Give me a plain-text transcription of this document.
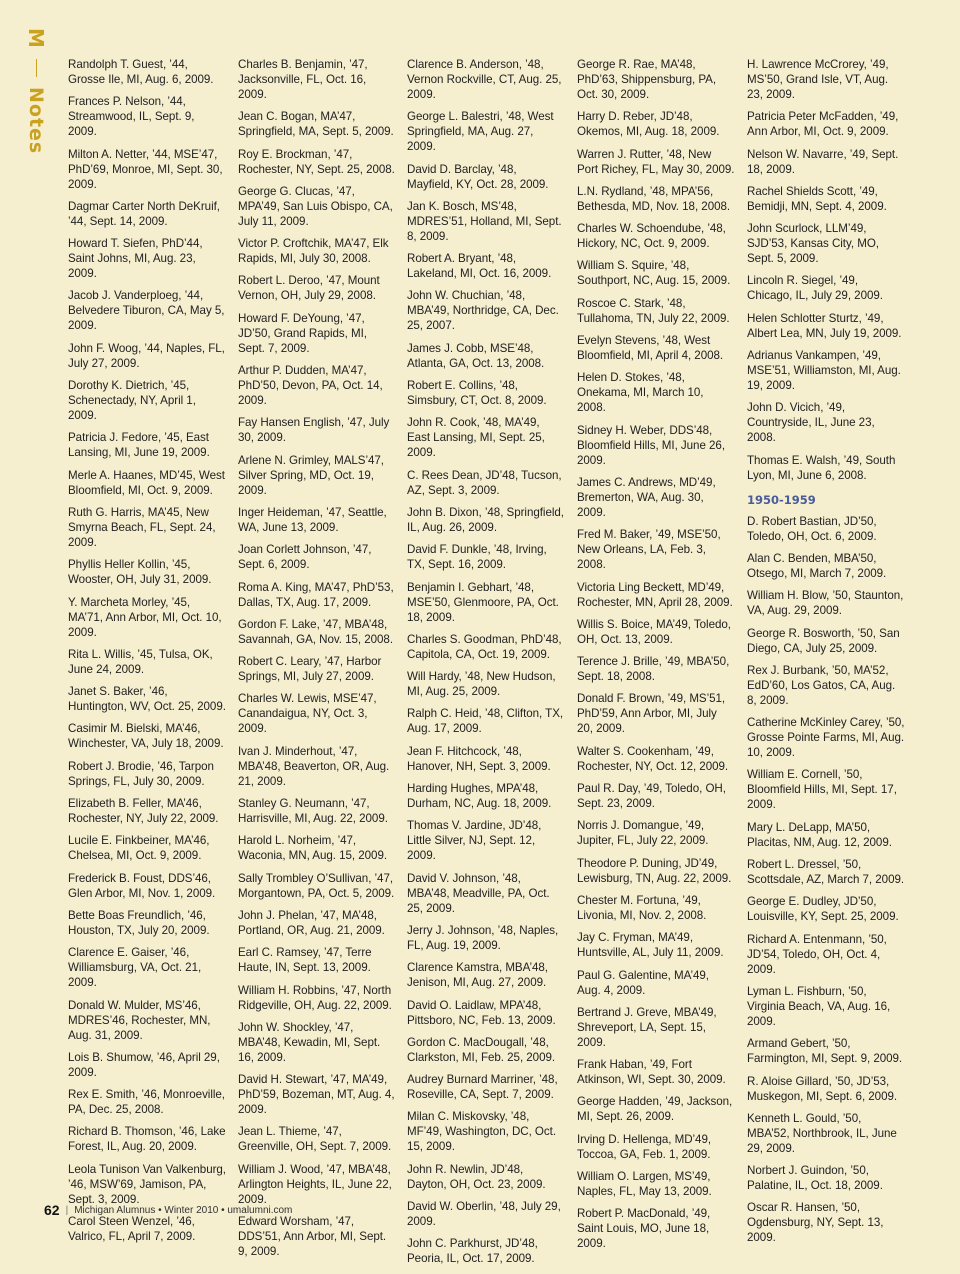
M
Notes

Randolph T. Guest, ’44, Grosse Ile, MI, Aug. 6, 2009.

Frances P. Nelson, ’44, Streamwood, IL, Sept. 9, 2009.

Milton A. Netter, ’44, MSE’47, PhD’69, Monroe, MI, Sept. 30, 2009.

Dagmar Carter North DeKruif, ’44, Sept. 14, 2009.

Howard T. Siefen, PhD’44, Saint Johns, MI, Aug. 23, 2009.

Jacob J. Vanderploeg, ’44, Belvedere Tiburon, CA, May 5, 2009.

John F. Woog, ’44, Naples, FL, July 27, 2009.

Dorothy K. Dietrich, ’45, Schenectady, NY, April 1, 2009.

Patricia J. Fedore, ’45, East Lansing, MI, June 19, 2009.

Merle A. Haanes, MD’45, West Bloomfield, MI, Oct. 9, 2009.

Ruth G. Harris, MA’45, New Smyrna Beach, FL, Sept. 24, 2009.

Phyllis Heller Kollin, ’45, Wooster, OH, July 31, 2009.

Y. Marcheta Morley, ’45, MA’71, Ann Arbor, MI, Oct. 10, 2009.

Rita L. Willis, ’45, Tulsa, OK, June 24, 2009.

Janet S. Baker, ’46, Huntington, WV, Oct. 25, 2009.

Casimir M. Bielski, MA’46, Winchester, VA, July 18, 2009.

Robert J. Brodie, ’46, Tarpon Springs, FL, July 30, 2009.

Elizabeth B. Feller, MA’46, Rochester, NY, July 22, 2009.

Lucile E. Finkbeiner, MA’46, Chelsea, MI, Oct. 9, 2009.

Frederick B. Foust, DDS’46, Glen Arbor, MI, Nov. 1, 2009.

Bette Boas Freundlich, ’46, Houston, TX, July 20, 2009.

Clarence E. Gaiser, ’46, Williamsburg, VA, Oct. 21, 2009.

Donald W. Mulder, MS’46, MDRES’46, Rochester, MN, Aug. 31, 2009.

Lois B. Shumow, ’46, April 29, 2009.

Rex E. Smith, ’46, Monroeville, PA, Dec. 25, 2008.

Richard B. Thomson, ’46, Lake Forest, IL, Aug. 20, 2009.

Leola Tunison Van Valkenburg, ’46, MSW’69, Jamison, PA, Sept. 3, 2009.

Carol Steen Wenzel, ’46, Valrico, FL, April 7, 2009.

Charles B. Benjamin, ’47, Jacksonville, FL, Oct. 16, 2009.

Jean C. Bogan, MA’47, Springfield, MA, Sept. 5, 2009.

Roy E. Brockman, ’47, Rochester, NY, Sept. 25, 2008.

George G. Clucas, ’47, MPA’49, San Luis Obispo, CA, July 11, 2009.

Victor P. Croftchik, MA’47, Elk Rapids, MI, July 30, 2008.

Robert L. Deroo, ’47, Mount Vernon, OH, July 29, 2008.

Howard F. DeYoung, ’47, JD’50, Grand Rapids, MI, Sept. 7, 2009.

Arthur P. Dudden, MA’47, PhD’50, Devon, PA, Oct. 14, 2009.

Fay Hansen English, ’47, July 30, 2009.

Arlene N. Grimley, MALS’47, Silver Spring, MD, Oct. 19, 2009.

Inger Heideman, ’47, Seattle, WA, June 13, 2009.

Joan Corlett Johnson, ’47, Sept. 6, 2009.

Roma A. King, MA’47, PhD’53, Dallas, TX, Aug. 17, 2009.

Gordon F. Lake, ’47, MBA’48, Savannah, GA, Nov. 15, 2008.

Robert C. Leary, ’47, Harbor Springs, MI, July 27, 2009.

Charles W. Lewis, MSE’47, Canandaigua, NY, Oct. 3, 2009.

Ivan J. Minderhout, ’47, MBA’48, Beaverton, OR, Aug. 21, 2009.

Stanley G. Neumann, ’47, Harrisville, MI, Aug. 22, 2009.

Harold L. Norheim, ’47, Waconia, MN, Aug. 15, 2009.

Sally Trombley O’Sullivan, ’47, Morgantown, PA, Oct. 5, 2009.

John J. Phelan, ’47, MA’48, Portland, OR, Aug. 21, 2009.

Earl C. Ramsey, ’47, Terre Haute, IN, Sept. 13, 2009.

William H. Robbins, ’47, North Ridgeville, OH, Aug. 22, 2009.

John W. Shockley, ’47, MBA’48, Kewadin, MI, Sept. 16, 2009.

David H. Stewart, ’47, MA’49, PhD’59, Bozeman, MT, Aug. 4, 2009.

Jean L. Thieme, ’47, Greenville, OH, Sept. 7, 2009.

William J. Wood, ’47, MBA’48, Arlington Heights, IL, June 22, 2009.

Edward Worsham, ’47, DDS’51, Ann Arbor, MI, Sept. 9, 2009.

Clarence B. Anderson, ’48, Vernon Rockville, CT, Aug. 25, 2009.

George L. Balestri, ’48, West Springfield, MA, Aug. 27, 2009.

David D. Barclay, ’48, Mayfield, KY, Oct. 28, 2009.

Jan K. Bosch, MS’48, MDRES’51, Holland, MI, Sept. 8, 2009.

Robert A. Bryant, ’48, Lakeland, MI, Oct. 16, 2009.

John W. Chuchian, ’48, MBA’49, Northridge, CA, Dec. 25, 2007.

James J. Cobb, MSE’48, Atlanta, GA, Oct. 13, 2008.

Robert E. Collins, ’48, Simsbury, CT, Oct. 8, 2009.

John R. Cook, ’48, MA’49, East Lansing, MI, Sept. 25, 2009.

C. Rees Dean, JD’48, Tucson, AZ, Sept. 3, 2009.

John B. Dixon, ’48, Springfield, IL, Aug. 26, 2009.

David F. Dunkle, ’48, Irving, TX, Sept. 16, 2009.

Benjamin I. Gebhart, ’48, MSE’50, Glenmoore, PA, Oct. 18, 2009.

Charles S. Goodman, PhD’48, Capitola, CA, Oct. 19, 2009.

Will Hardy, ’48, New Hudson, MI, Aug. 25, 2009.

Ralph C. Heid, ’48, Clifton, TX, Aug. 17, 2009.

Jean F. Hitchcock, ’48, Hanover, NH, Sept. 3, 2009.

Harding Hughes, MPA’48, Durham, NC, Aug. 18, 2009.

Thomas V. Jardine, JD’48, Little Silver, NJ, Sept. 12, 2009.

David V. Johnson, ’48, MBA’48, Meadville, PA, Oct. 25, 2009.

Jerry J. Johnson, ’48, Naples, FL, Aug. 19, 2009.

Clarence Kamstra, MBA’48, Jenison, MI, Aug. 27, 2009.

David O. Laidlaw, MPA’48, Pittsboro, NC, Feb. 13, 2009.

Gordon C. MacDougall, ’48, Clarkston, MI, Feb. 25, 2009.

Audrey Burnard Marriner, ’48, Roseville, CA, Sept. 7, 2009.

Milan C. Miskovsky, ’48, MF’49, Washington, DC, Oct. 15, 2009.

John R. Newlin, JD’48, Dayton, OH, Oct. 23, 2009.

David W. Oberlin, ’48, July 29, 2009.

John C. Parkhurst, JD’48, Peoria, IL, Oct. 17, 2009.

George R. Rae, MA’48, PhD’63, Shippensburg, PA, Oct. 30, 2009.

Harry D. Reber, JD’48, Okemos, MI, Aug. 18, 2009.

Warren J. Rutter, ’48, New Port Richey, FL, May 30, 2009.

L.N. Rydland, ’48, MPA’56, Bethesda, MD, Nov. 18, 2008.

Charles W. Schoendube, ’48, Hickory, NC, Oct. 9, 2009.

William S. Squire, ’48, Southport, NC, Aug. 15, 2009.

Roscoe C. Stark, ’48, Tullahoma, TN, July 22, 2009.

Evelyn Stevens, ’48, West Bloomfield, MI, April 4, 2008.

Helen D. Stokes, ’48, Onekama, MI, March 10, 2008.

Sidney H. Weber, DDS’48, Bloomfield Hills, MI, June 26, 2009.

James C. Andrews, MD’49, Bremerton, WA, Aug. 30, 2009.

Fred M. Baker, ’49, MSE’50, New Orleans, LA, Feb. 3, 2008.

Victoria Ling Beckett, MD’49, Rochester, MN, April 28, 2009.

Willis S. Boice, MA’49, Toledo, OH, Oct. 13, 2009.

Terence J. Brille, ’49, MBA’50, Sept. 18, 2008.

Donald F. Brown, ’49, MS’51, PhD’59, Ann Arbor, MI, July 20, 2009.

Walter S. Cookenham, ’49, Rochester, NY, Oct. 12, 2009.

Paul R. Day, ’49, Toledo, OH, Sept. 23, 2009.

Norris J. Domangue, ’49, Jupiter, FL, July 22, 2009.

Theodore P. Duning, JD’49, Lewisburg, TN, Aug. 22, 2009.

Chester M. Fortuna, ’49, Livonia, MI, Nov. 2, 2008.

Jay C. Fryman, MA’49, Huntsville, AL, July 11, 2009.

Paul G. Galentine, MA’49, Aug. 4, 2009.

Bertrand J. Greve, MBA’49, Shreveport, LA, Sept. 15, 2009.

Frank Haban, ’49, Fort Atkinson, WI, Sept. 30, 2009.

George Hadden, ’49, Jackson, MI, Sept. 26, 2009.

Irving D. Hellenga, MD’49, Toccoa, GA, Feb. 1, 2009.

William O. Largen, MS’49, Naples, FL, May 13, 2009.

Robert P. MacDonald, ’49, Saint Louis, MO, June 18, 2009.

H. Lawrence McCrorey, ’49, MS’50, Grand Isle, VT, Aug. 23, 2009.

Patricia Peter McFadden, ’49, Ann Arbor, MI, Oct. 9, 2009.

Nelson W. Navarre, ’49, Sept. 18, 2009.

Rachel Shields Scott, ’49, Bemidji, MN, Sept. 4, 2009.

John Scurlock, LLM’49, SJD’53, Kansas City, MO, Sept. 5, 2009.

Lincoln R. Siegel, ’49, Chicago, IL, July 29, 2009.

Helen Schlotter Sturtz, ’49, Albert Lea, MN, July 19, 2009.

Adrianus Vankampen, ’49, MSE’51, Williamston, MI, Aug. 19, 2009.

John D. Vicich, ’49, Countryside, IL, June 23, 2008.

Thomas E. Walsh, ’49, South Lyon, MI, June 6, 2008.

1950-1959

D. Robert Bastian, JD’50, Toledo, OH, Oct. 6, 2009.

Alan C. Benden, MBA’50, Otsego, MI, March 7, 2009.

William H. Blow, ’50, Staunton, VA, Aug. 29, 2009.

George R. Bosworth, ’50, San Diego, CA, July 25, 2009.

Rex J. Burbank, ’50, MA’52, EdD’60, Los Gatos, CA, Aug. 8, 2009.

Catherine McKinley Carey, ’50, Grosse Pointe Farms, MI, Aug. 10, 2009.

William E. Cornell, ’50, Bloomfield Hills, MI, Sept. 17, 2009.

Mary L. DeLapp, MA’50, Placitas, NM, Aug. 12, 2009.

Robert L. Dressel, ’50, Scottsdale, AZ, March 7, 2009.

George E. Dudley, JD’50, Louisville, KY, Sept. 25, 2009.

Richard A. Entenmann, ’50, JD’54, Toledo, OH, Oct. 4, 2009.

Lyman L. Fishburn, ’50, Virginia Beach, VA, Aug. 16, 2009.

Armand Gebert, ’50, Farmington, MI, Sept. 9, 2009.

R. Aloise Gillard, ’50, JD’53, Muskegon, MI, Sept. 6, 2009.

Kenneth L. Gould, ’50, MBA’52, Northbrook, IL, June 29, 2009.

Norbert J. Guindon, ’50, Palatine, IL, Oct. 18, 2009.

Oscar R. Hansen, ’50, Ogdensburg, NY, Sept. 13, 2009.

62 | Michigan Alumnus • Winter 2010 • umalumni.com
